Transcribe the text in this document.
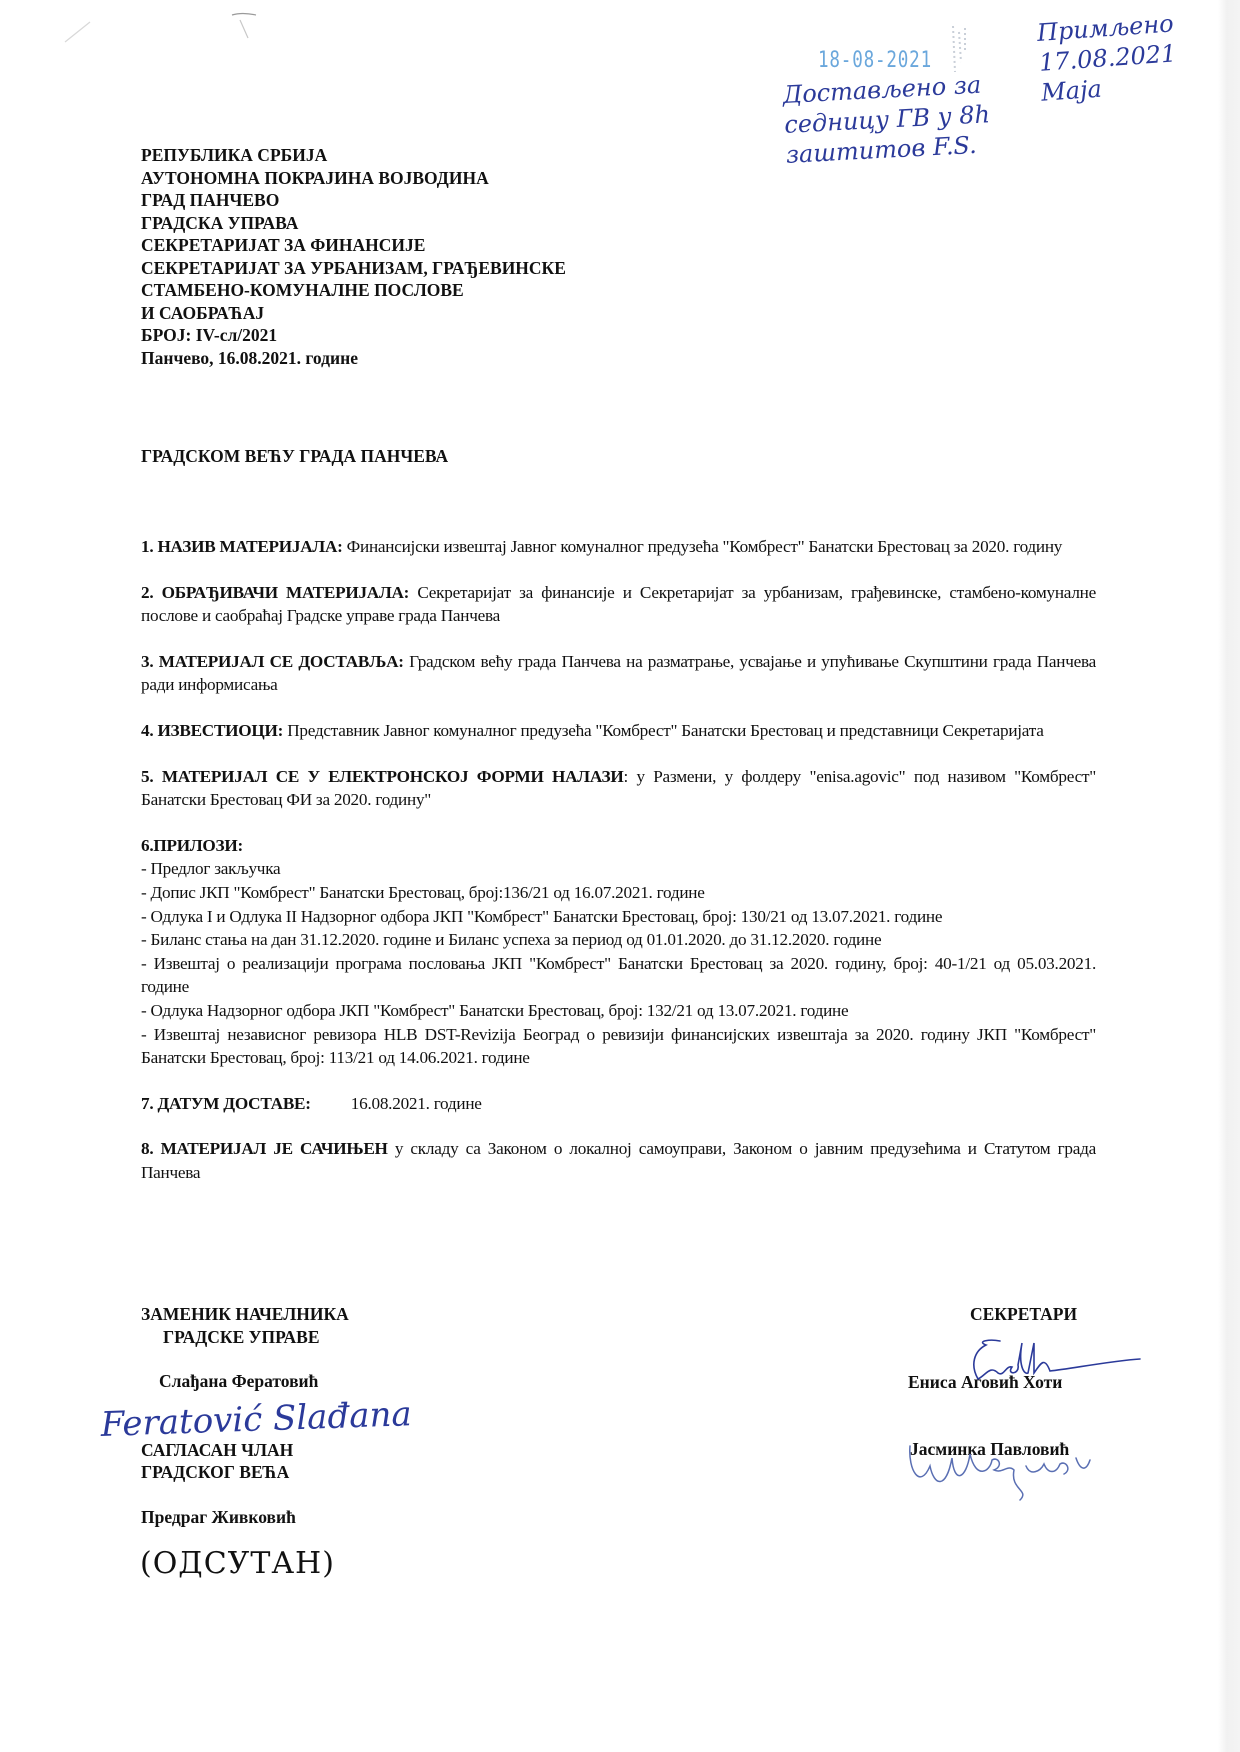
18-08-2021
Достављено за седницу ГВ у 8h заштитов F.S.
Примљено 17.08.2021 Маја
РЕПУБЛИКА СРБИЈА
АУТОНОМНА ПОКРАЈИНА ВОЈВОДИНА
ГРАД ПАНЧЕВО
ГРАДСКА УПРАВА
СЕКРЕТАРИЈАТ ЗА ФИНАНСИЈЕ
СЕКРЕТАРИЈАТ ЗА УРБАНИЗАМ, ГРАЂЕВИНСКЕ
СТАМБЕНО-КОМУНАЛНЕ ПОСЛОВЕ
И САОБРАЋАЈ
БРОЈ: IV-сл/2021
Панчево, 16.08.2021. године
ГРАДСКОМ ВЕЋУ ГРАДА ПАНЧЕВА

1. НАЗИВ МАТЕРИЈАЛА: Финансијски извештај Јавног комуналног предузећа "Комбрест" Банатски Брестовац за 2020. годину

2. ОБРАЂИВАЧИ МАТЕРИЈАЛА: Секретаријат за финансије и Секретаријат за урбанизам, грађевинске, стамбено-комуналне послове и саобраћај Градске управе града Панчева

3. МАТЕРИЈАЛ СЕ ДОСТАВЉА: Градском већу града Панчева на разматрање, усвајање и упућивање Скупштини града Панчева ради информисања

4. ИЗВЕСТИОЦИ: Представник Јавног комуналног предузећа "Комбрест" Банатски Брестовац и представници Секретаријата

5. МАТЕРИЈАЛ СЕ У ЕЛЕКТРОНСКОЈ ФОРМИ НАЛАЗИ: у Размени, у фолдеру "enisa.agovic" под називом "Комбрест" Банатски Брестовац ФИ за 2020. годину"

6.ПРИЛОЗИ:
- Предлог закључка
- Допис ЈКП "Комбрест" Банатски Брестовац, број:136/21 од 16.07.2021. године
- Одлука I и Одлука II Надзорног одбора ЈКП "Комбрест" Банатски Брестовац, број: 130/21 од 13.07.2021. године
- Биланс стања на дан 31.12.2020. године и Биланс успеха за период од 01.01.2020. до 31.12.2020. године
- Извештај о реализацији програма пословања ЈКП "Комбрест" Банатски Брестовац за 2020. годину, број: 40-1/21 од 05.03.2021. године
- Одлука Надзорног одбора ЈКП "Комбрест" Банатски Брестовац, број: 132/21 од 13.07.2021. године
- Извештај независног ревизора HLB DST-Revizija Београд о ревизији финансијских извештаја за 2020. годину ЈКП "Комбрест" Банатски Брестовац, број: 113/21 од 14.06.2021. године

7. ДАТУМ ДОСТАВЕ: 16.08.2021. године

8. МАТЕРИЈАЛ ЈЕ САЧИЊЕН у складу са Законом о локалној самоуправи, Законом о јавним предузећима и Статутом града Панчева

ЗАМЕНИК НАЧЕЛНИКА
ГРАДСКЕ УПРАВЕ
Слађана Фератовић
САГЛАСАН ЧЛАН
ГРАДСКОГ ВЕЋА
Предраг Живковић
Feratović Slađana
(ОДСУТАН)
СЕКРЕТАРИ
Ениса Аговић Хоти
Јасминка Павловић
